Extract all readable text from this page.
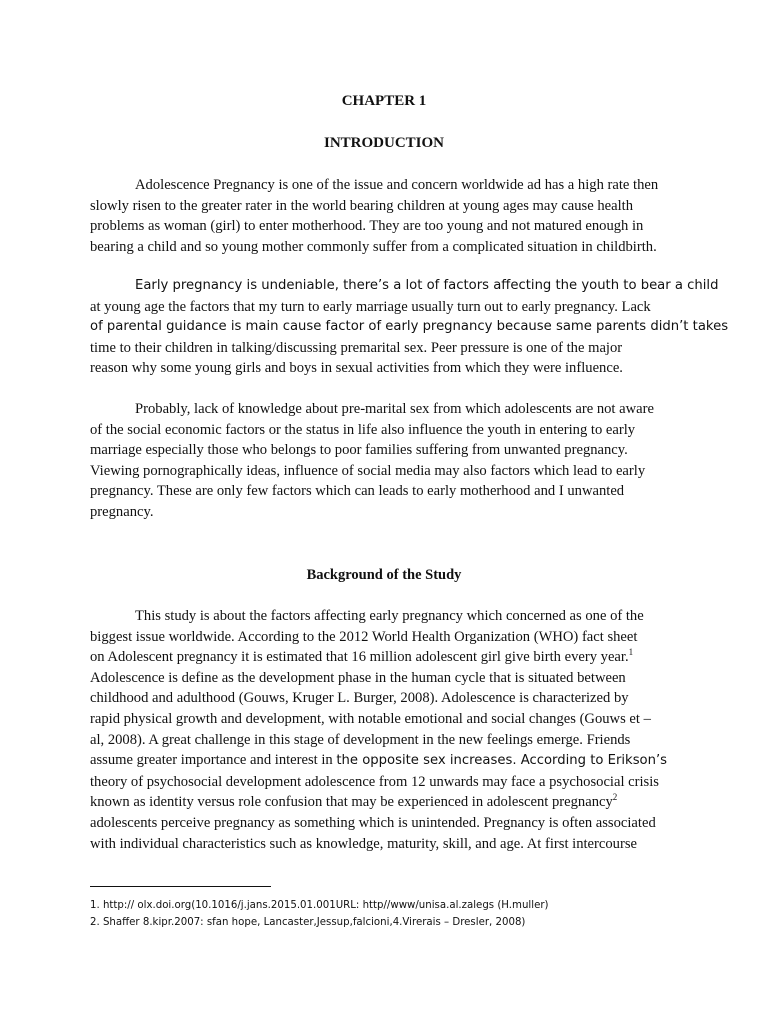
CHAPTER 1
INTRODUCTION

Adolescence Pregnancy is one of the issue and concern worldwide ad has a high rate then
slowly risen to the greater rater in the world bearing children at young ages may cause health
problems as woman (girl) to enter motherhood. They are too young and not matured enough in
bearing a child and so young mother commonly suffer from a complicated situation in childbirth.

Early pregnancy is undeniable, there’s a lot of factors affecting the youth to bear a child
at young age the factors that my turn to early marriage usually turn out to early pregnancy. Lack
of parental guidance is main cause factor of early pregnancy because same parents didn’t takes
time to their children in talking/discussing premarital sex. Peer pressure is one of the major
reason why some young girls and boys in sexual activities from which they were influence.

Probably, lack of knowledge about pre-marital sex from which adolescents are not aware
of the social economic factors or the status in life also influence the youth in entering to early
marriage especially those who belongs to poor families suffering from unwanted pregnancy.
Viewing pornographically ideas, influence of social media may also factors which lead to early
pregnancy. These are only few factors which can leads to early motherhood and I unwanted
pregnancy.

Background of the Study

This study is about the factors affecting early pregnancy which concerned as one of the
biggest issue worldwide. According to the 2012 World Health Organization (WHO) fact sheet
on Adolescent pregnancy it is estimated that 16 million adolescent girl give birth every year.$^1$
Adolescence is define as the development phase in the human cycle that is situated between
childhood and adulthood (Gouws, Kruger L. Burger, 2008). Adolescence is characterized by
rapid physical growth and development, with notable emotional and social changes (Gouws et –
al, 2008). A great challenge in this stage of development in the new feelings emerge. Friends
assume greater importance and interest in the opposite sex increases. According to Erikson’s
theory of psychosocial development adolescence from 12 unwards may face a psychosocial crisis
known as identity versus role confusion that may be experienced in adolescent pregnancy$^2$
adolescents perceive pregnancy as something which is unintended. Pregnancy is often associated
with individual characteristics such as knowledge, maturity, skill, and age. At first intercourse

1. http:// olx.doi.org(10.1016/j.jans.2015.01.001URL: http//www/unisa.al.zalegs (H.muller)
2. Shaffer 8.kipr.2007: sfan hope, Lancaster,Jessup,falcioni,4.Virerais – Dresler, 2008)
